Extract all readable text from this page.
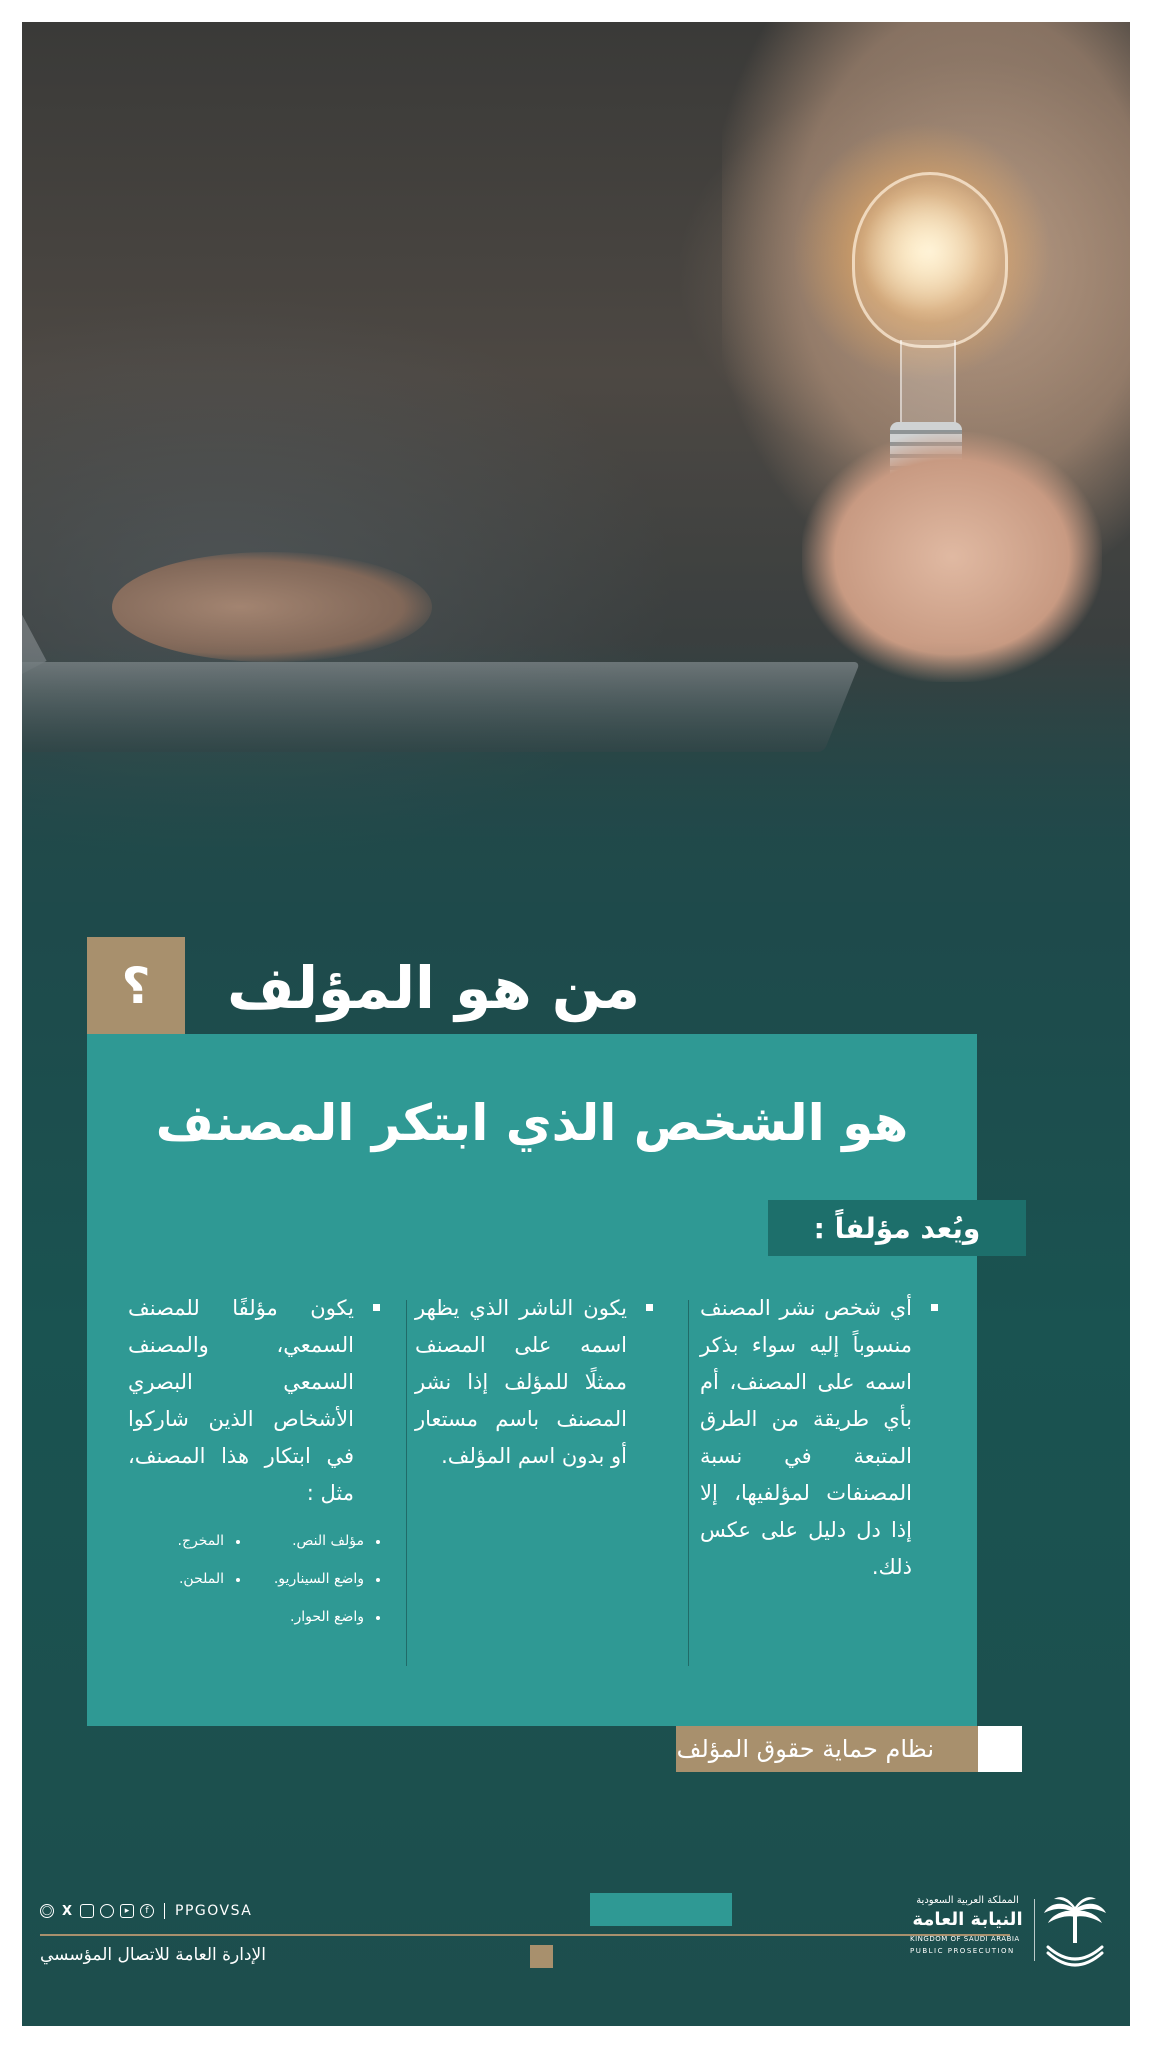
؟	من هو المؤلف
هو الشخص الذي ابتكر المصنف
ويُعد مؤلفاً :
أي شخص نشر المصنف منسوباً إليه سواء بذكر اسمه على المصنف، أم بأي طريقة من الطرق المتبعة في نسبة المصنفات لمؤلفيها، إلا إذا دل دليل على عكس ذلك.
يكون الناشر الذي يظهر اسمه على المصنف ممثلًا للمؤلف إذا نشر المصنف باسم مستعار أو بدون اسم المؤلف.
يكون مؤلفًا للمصنف السمعي، والمصنف السمعي البصري الأشخاص الذين شاركوا في ابتكار هذا المصنف، مثل :
مؤلف النص.
المخرج.
واضع السيناريو.
الملحن.
واضع الحوار.
نظام حماية حقوق المؤلف
◯ X	▸	f	PPGOVSA
الإدارة العامة للاتصال المؤسسي
المملكة العربية السعودية
النيابة العامة
KINGDOM OF SAUDI ARABIA
PUBLIC PROSECUTION
